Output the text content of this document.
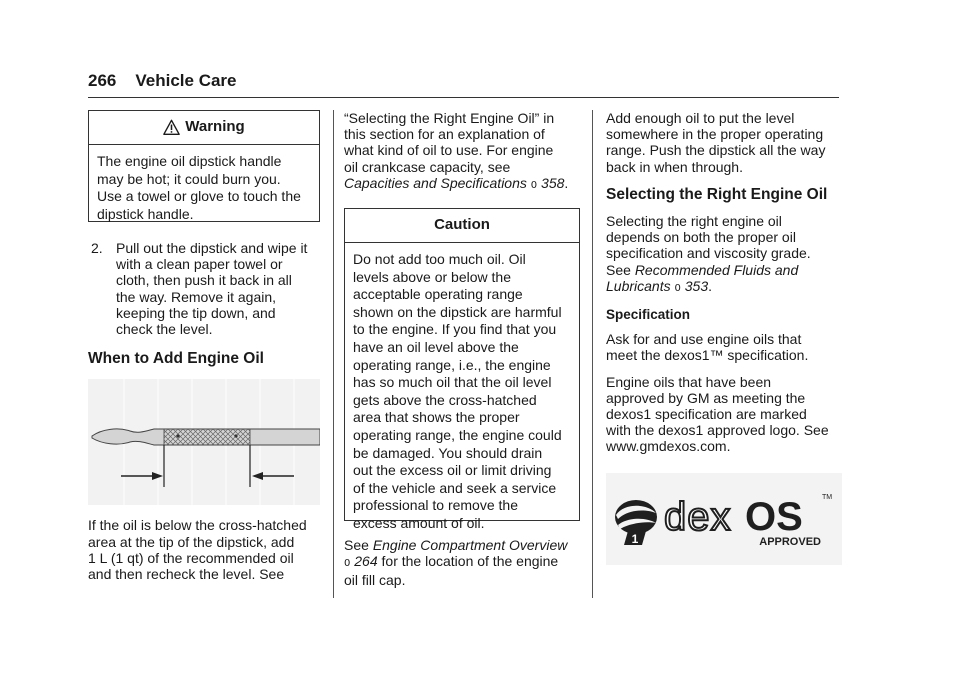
266 Vehicle Care
Warning
The engine oil dipstick handle
may be hot; it could burn you.
Use a towel or glove to touch the
dipstick handle.
2. Pull out the dipstick and wipe it
with a clean paper towel or
cloth, then push it back in all
the way. Remove it again,
keeping the tip down, and
check the level.
When to Add Engine Oil
If the oil is below the cross-hatched
area at the tip of the dipstick, add
1 L (1 qt) of the recommended oil
and then recheck the level. See
“Selecting the Right Engine Oil” in
this section for an explanation of
what kind of oil to use. For engine
oil crankcase capacity, see
Capacities and Specifications 0 358.
Caution
Do not add too much oil. Oil
levels above or below the
acceptable operating range
shown on the dipstick are harmful
to the engine. If you find that you
have an oil level above the
operating range, i.e., the engine
has so much oil that the oil level
gets above the cross-hatched
area that shows the proper
operating range, the engine could
be damaged. You should drain
out the excess oil or limit driving
of the vehicle and seek a service
professional to remove the
excess amount of oil.
See Engine Compartment Overview
0 264 for the location of the engine
oil fill cap.
Add enough oil to put the level
somewhere in the proper operating
range. Push the dipstick all the way
back in when through.
Selecting the Right Engine Oil
Selecting the right engine oil
depends on both the proper oil
specification and viscosity grade.
See Recommended Fluids and
Lubricants 0 353.
Specification
Ask for and use engine oils that
meet the dexos1™ specification.
Engine oils that have been
approved by GM as meeting the
dexos1 specification are marked
with the dexos1 approved logo. See
www.gmdexos.com.
1 dex OS	TM
APPROVED
